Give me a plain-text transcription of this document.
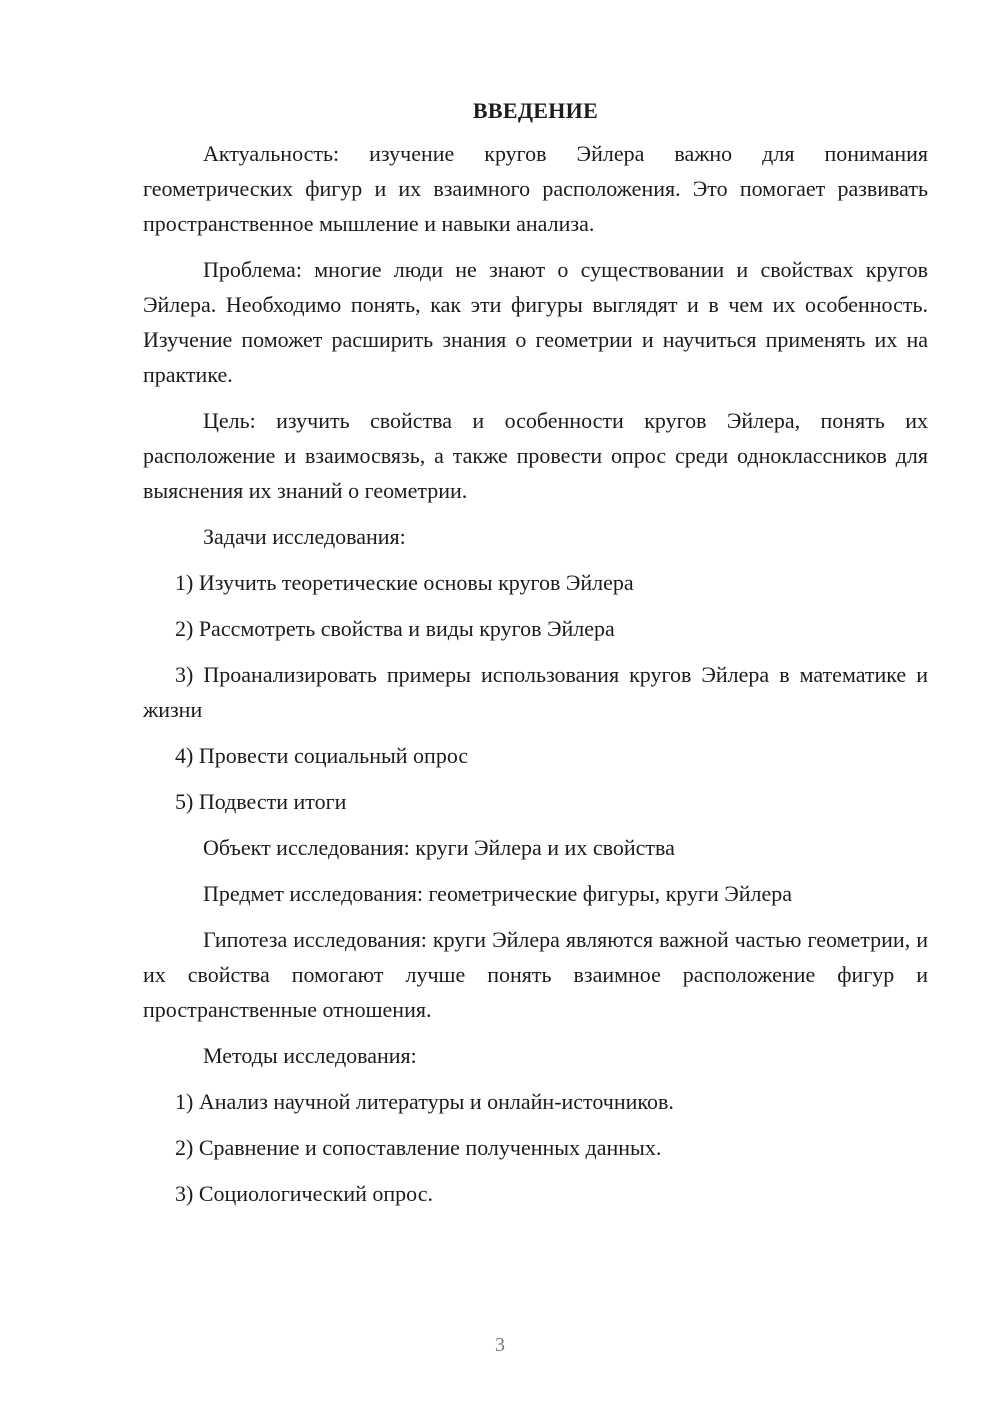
ВВЕДЕНИЕ

Актуальность: изучение кругов Эйлера важно для понимания геометрических фигур и их взаимного расположения. Это помогает развивать пространственное мышление и навыки анализа.

Проблема: многие люди не знают о существовании и свойствах кругов Эйлера. Необходимо понять, как эти фигуры выглядят и в чем их особенность. Изучение поможет расширить знания о геометрии и научиться применять их на практике.

Цель: изучить свойства и особенности кругов Эйлера, понять их расположение и взаимосвязь, а также провести опрос среди одноклассников для выяснения их знаний о геометрии.

Задачи исследования:

1) Изучить теоретические основы кругов Эйлера

2) Рассмотреть свойства и виды кругов Эйлера

3) Проанализировать примеры использования кругов Эйлера в математике и жизни

4) Провести социальный опрос

5) Подвести итоги

Объект исследования: круги Эйлера и их свойства

Предмет исследования: геометрические фигуры, круги Эйлера

Гипотеза исследования: круги Эйлера являются важной частью геометрии, и их свойства помогают лучше понять взаимное расположение фигур и пространственные отношения.

Методы исследования:

1) Анализ научной литературы и онлайн-источников.

2) Сравнение и сопоставление полученных данных.

3) Социологический опрос.

3
